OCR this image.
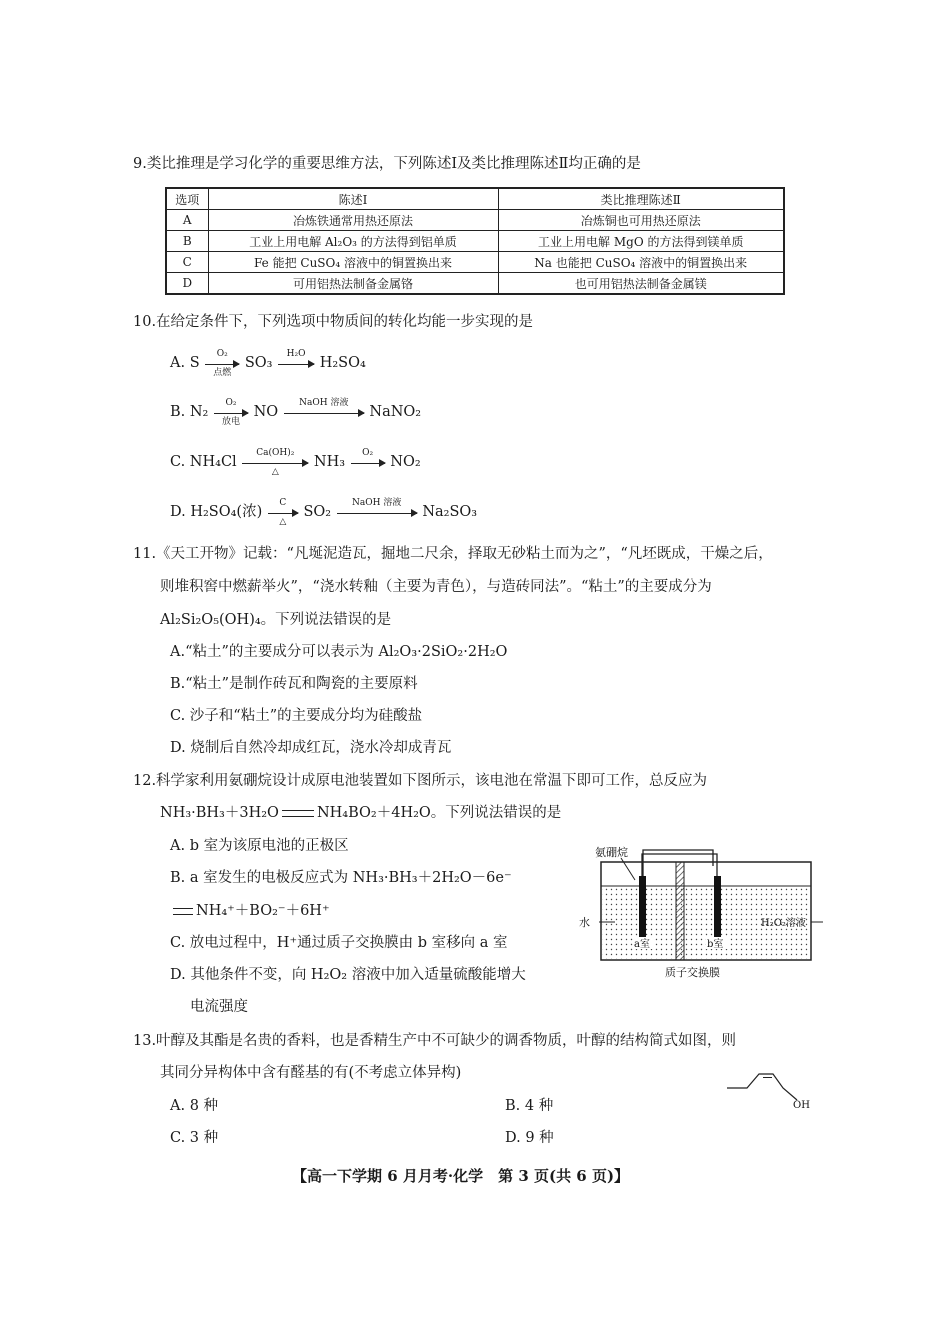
9.类比推理是学习化学的重要思维方法，下列陈述Ⅰ及类比推理陈述Ⅱ均正确的是
选项	陈述Ⅰ	类比推理陈述Ⅱ
A	冶炼铁通常用热还原法	冶炼铜也可用热还原法
B	工业上用电解 Al₂O₃ 的方法得到铝单质	工业上用电解 MgO 的方法得到镁单质
C	Fe 能把 CuSO₄ 溶液中的铜置换出来	Na 也能把 CuSO₄ 溶液中的铜置换出来
D	可用铝热法制备金属铬	也可用铝热法制备金属镁
10.在给定条件下，下列选项中物质间的转化均能一步实现的是
A. S
O₂
点燃
SO₃
H₂O
H₂SO₄
B. N₂
O₂
放电
NO
NaOH 溶液
NaNO₂
C. NH₄Cl
Ca(OH)₂
△
NH₃
O₂
NO₂
D. H₂SO₄(浓)
C
△
SO₂
NaOH 溶液
Na₂SO₃
11.《天工开物》记载：“凡埏泥造瓦，掘地二尺余，择取无砂粘土而为之”，“凡坯既成，干燥之后，
则堆积窖中燃薪举火”，“浇水转釉（主要为青色），与造砖同法”。“粘土”的主要成分为
Al₂Si₂O₅(OH)₄。下列说法错误的是
A.“粘土”的主要成分可以表示为 Al₂O₃·2SiO₂·2H₂O
B.“粘土”是制作砖瓦和陶瓷的主要原料
C. 沙子和“粘土”的主要成分均为硅酸盐
D. 烧制后自然冷却成红瓦，浇水冷却成青瓦
12.科学家利用氨硼烷设计成原电池装置如下图所示，该电池在常温下即可工作，总反应为
NH₃·BH₃＋3H₂O	NH₄BO₂＋4H₂O。下列说法错误的是
A. b 室为该原电池的正极区
B. a 室发生的电极反应式为 NH₃·BH₃＋2H₂O－6e⁻
NH₄⁺＋BO₂⁻＋6H⁺
C. 放电过程中，H⁺通过质子交换膜由 b 室移向 a 室
D. 其他条件不变，向 H₂O₂ 溶液中加入适量硫酸能增大
电流强度
氨硼烷
水	H₂O₂溶液
a室	b室
质子交换膜
13.叶醇及其酯是名贵的香料，也是香精生产中不可缺少的调香物质，叶醇的结构简式如图，则
其同分异构体中含有醛基的有(不考虑立体异构)
A. 8 种	B. 4 种
C. 3 种	D. 9 种
OH
【高一下学期 6 月月考·化学　第 3 页(共 6 页)】
